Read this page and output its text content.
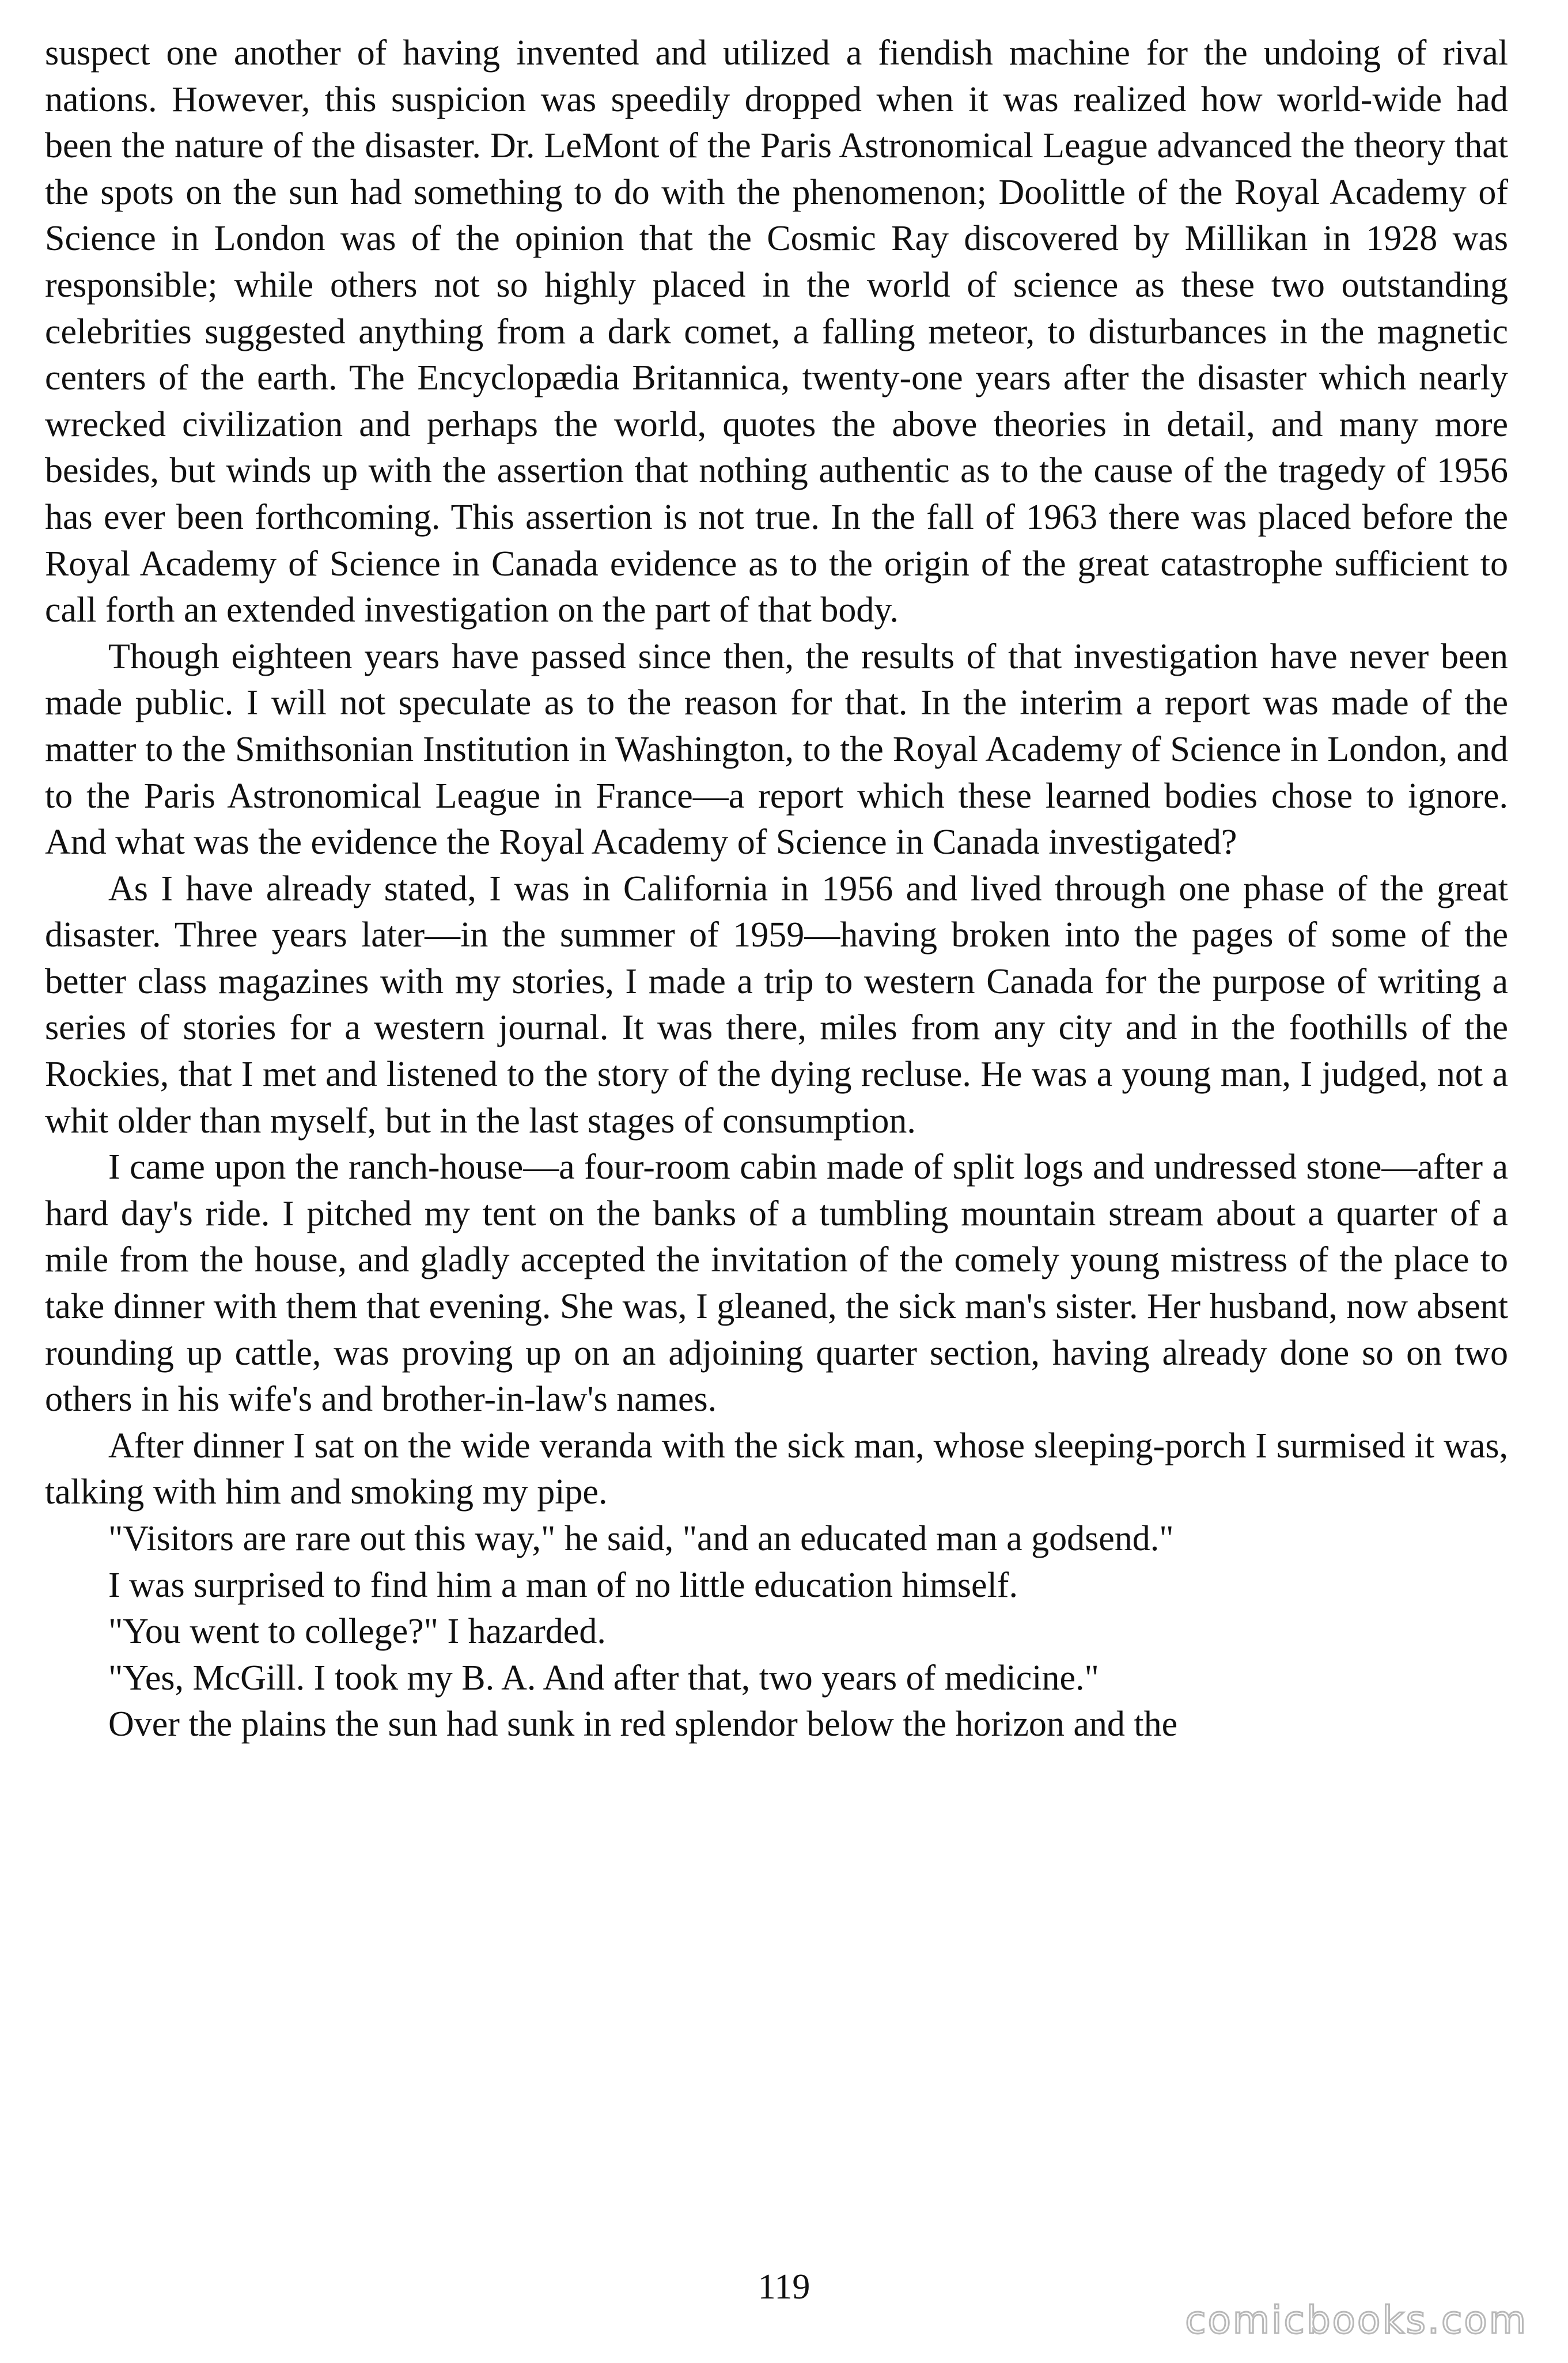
suspect one another of having invented and utilized a fiendish machine for the undoing of rival nations. However, this suspicion was speedily dropped when it was realized how world-wide had been the nature of the disaster. Dr. LeMont of the Paris Astronomical League advanced the theory that the spots on the sun had something to do with the phenomenon; Doolittle of the Royal Academy of Science in London was of the opinion that the Cosmic Ray discovered by Millikan in 1928 was responsible; while others not so highly placed in the world of science as these two outstanding celebrities suggested anything from a dark comet, a falling meteor, to disturbances in the magnetic centers of the earth. The Encyclopædia Britannica, twenty-one years after the disaster which nearly wrecked civilization and perhaps the world, quotes the above theories in detail, and many more besides, but winds up with the assertion that nothing authentic as to the cause of the tragedy of 1956 has ever been forthcoming. This assertion is not true. In the fall of 1963 there was placed before the Royal Academy of Science in Canada evidence as to the origin of the great catastrophe sufficient to call forth an extended investigation on the part of that body.

Though eighteen years have passed since then, the results of that investigation have never been made public. I will not speculate as to the reason for that. In the interim a report was made of the matter to the Smithsonian Institution in Washington, to the Royal Academy of Science in London, and to the Paris Astronomical League in France—a report which these learned bodies chose to ignore. And what was the evidence the Royal Academy of Science in Canada investigated?

As I have already stated, I was in California in 1956 and lived through one phase of the great disaster. Three years later—in the summer of 1959—having broken into the pages of some of the better class magazines with my stories, I made a trip to western Canada for the purpose of writing a series of stories for a western journal. It was there, miles from any city and in the foothills of the Rockies, that I met and listened to the story of the dying recluse. He was a young man, I judged, not a whit older than myself, but in the last stages of consumption.

I came upon the ranch-house—a four-room cabin made of split logs and undressed stone—after a hard day's ride. I pitched my tent on the banks of a tumbling mountain stream about a quarter of a mile from the house, and gladly accepted the invitation of the comely young mistress of the place to take dinner with them that evening. She was, I gleaned, the sick man's sister. Her husband, now absent rounding up cattle, was proving up on an adjoining quarter section, having already done so on two others in his wife's and brother-in-law's names.

After dinner I sat on the wide veranda with the sick man, whose sleeping-porch I surmised it was, talking with him and smoking my pipe.

"Visitors are rare out this way," he said, "and an educated man a godsend."

I was surprised to find him a man of no little education himself.

"You went to college?" I hazarded.

"Yes, McGill. I took my B. A. And after that, two years of medicine."

Over the plains the sun had sunk in red splendor below the horizon and the

119
comicbooks.com
